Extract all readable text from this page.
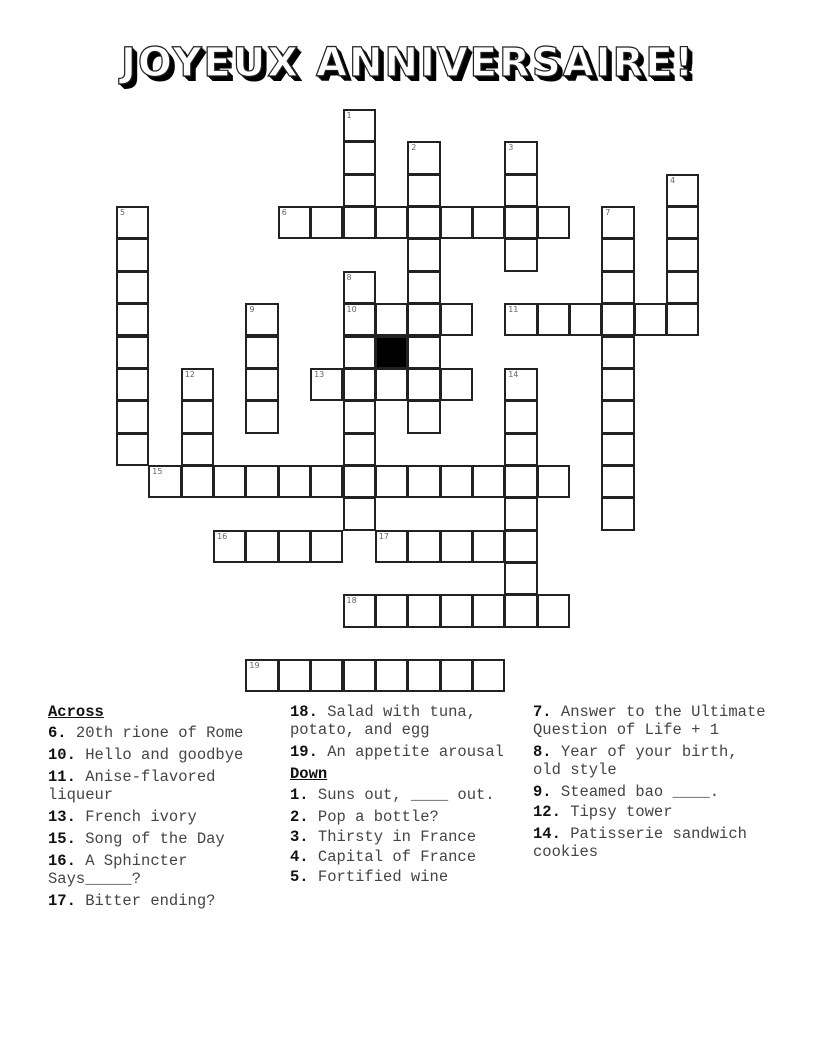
JOYEUX ANNIVERSAIRE!
1
2	3
4
5	6	7
8
10
9	11
12	13	14
15
16	17
18
19
Across
6. 20th rione of Rome
10. Hello and goodbye
11. Anise-flavored liqueur
13. French ivory
15. Song of the Day
16. A Sphincter Says_____?
17. Bitter ending?
18. Salad with tuna, potato, and egg
19. An appetite arousal
Down
1. Suns out, ____ out.
2. Pop a bottle?
3. Thirsty in France
4. Capital of France
5. Fortified wine
7. Answer to the Ultimate Question of Life + 1
8. Year of your birth, old style
9. Steamed bao ____.
12. Tipsy tower
14. Patisserie sandwich cookies
